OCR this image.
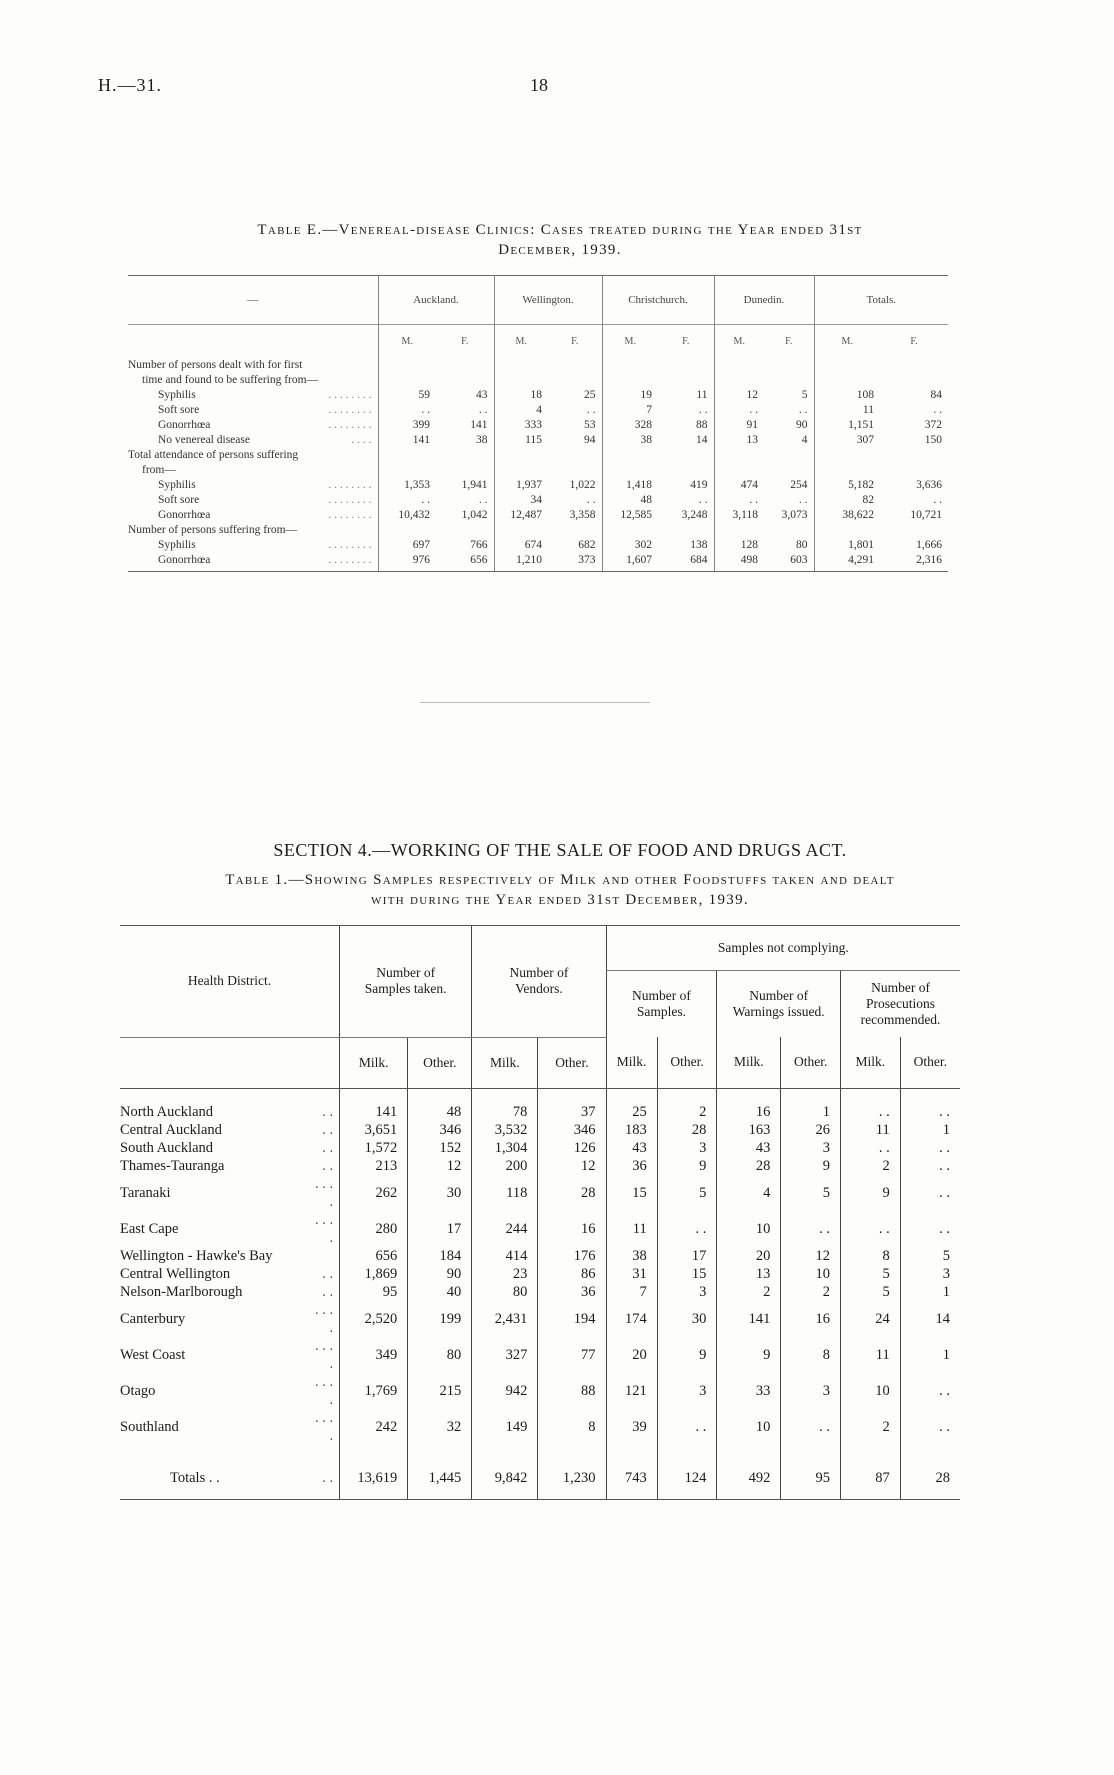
H.—31.	18
Table E.—Venereal-disease Clinics: Cases treated during the Year ended 31st
December, 1939.
—	Auckland.		Wellington.		Christchurch.		Dunedin.		Totals.	
	M.	F.	M.	F.	M.	F.	M.	F.	M.	F.
Number of persons dealt with for first										
time and found to be suffering from—										
Syphilis . . . . . . . .	59	43	18	25	19	11	12	5	108	84
Soft sore . . . . . . . .	. .	. .	4	. .	7	. .	. .	. .	11	. .
Gonorrhœa . . . . . . . .	399	141	333	53	328	88	91	90	1,151	372
No venereal disease . . . .	141	38	115	94	38	14	13	4	307	150
Total attendance of persons suffering										
from—										
Syphilis . . . . . . . .	1,353	1,941	1,937	1,022	1,418	419	474	254	5,182	3,636
Soft sore . . . . . . . .	. .	. .	34	. .	48	. .	. .	. .	82	. .
Gonorrhœa . . . . . . . .	10,432	1,042	12,487	3,358	12,585	3,248	3,118	3,073	38,622	10,721
Number of persons suffering from—										
Syphilis . . . . . . . .	697	766	674	682	302	138	128	80	1,801	1,666
Gonorrhœa . . . . . . . .	976	656	1,210	373	1,607	684	498	603	4,291	2,316

SECTION 4.—WORKING OF THE SALE OF FOOD AND DRUGS ACT.
Table 1.—Showing Samples respectively of Milk and other Foodstuffs taken and dealt
with during the Year ended 31st December, 1939.
Health District.		Number of Samples taken.		Number of Vendors.		Samples not complying.					
						Number of Samples.		Number of Warnings issued.		Number of Prosecutions recommended.	
		Milk.	Other.	Milk.	Other.	Milk.	Other.	Milk.	Other.	Milk.	Other.

North Auckland	. .	141	48	78	37	25	2	16	1	. .	. .
Central Auckland	. .	3,651	346	3,532	346	183	28	163	26	11	1
South Auckland	. .	1,572	152	1,304	126	43	3	43	3	. .	. .
Thames-Tauranga	. .	213	12	200	12	36	9	28	9	2	. .
Taranaki	. . . .	262	30	118	28	15	5	4	5	9	. .
East Cape	. . . .	280	17	244	16	11	. .	10	. .	. .	. .
Wellington - Hawke's Bay		656	184	414	176	38	17	20	12	8	5
Central Wellington	. .	1,869	90	23	86	31	15	13	10	5	3
Nelson-Marlborough	. .	95	40	80	36	7	3	2	2	5	1
Canterbury	. . . .	2,520	199	2,431	194	174	30	141	16	24	14
West Coast	. . . .	349	80	327	77	20	9	9	8	11	1
Otago	. . . .	1,769	215	942	88	121	3	33	3	10	. .
Southland	. . . .	242	32	149	8	39	. .	10	. .	2	. .

Totals . .	. .	13,619	1,445	9,842	1,230	743	124	492	95	87	28
